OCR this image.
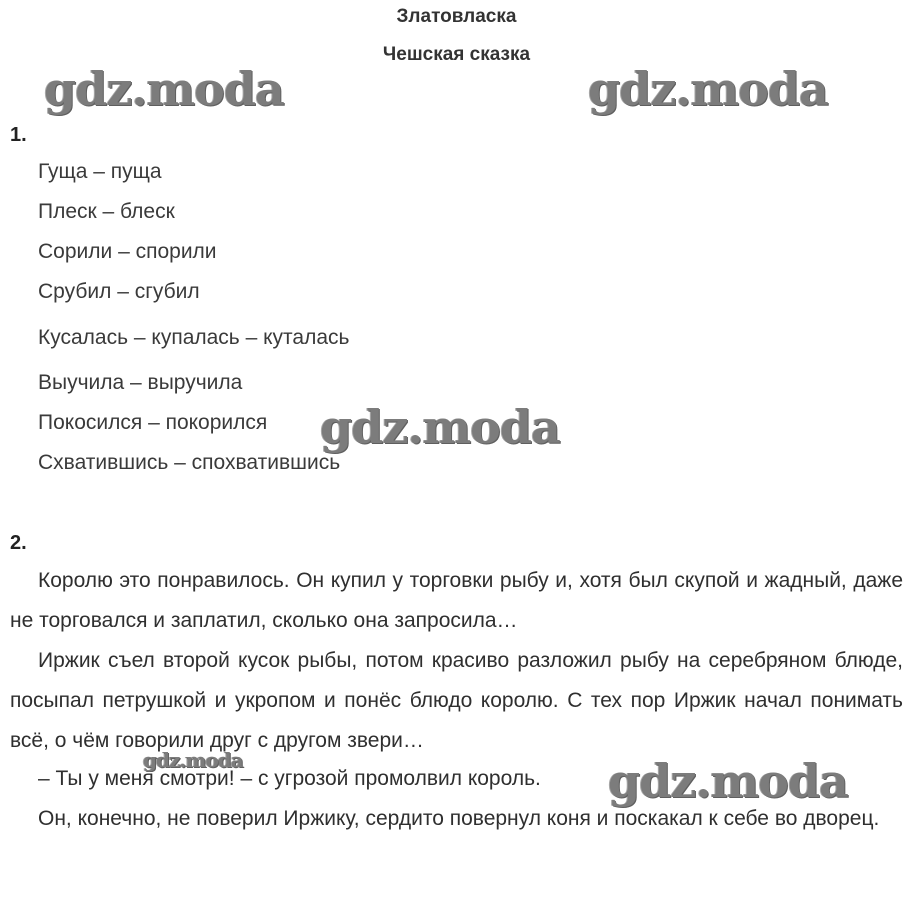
Златовласка
Чешская сказка
1.
Гуща – пуща
Плеск – блеск
Сорили – спорили
Срубил – сгубил
Кусалась – купалась – куталась
Выучила – выручила
Покосился – покорился
Схватившись – спохватившись
2.
Королю это понравилось. Он купил у торговки рыбу и, хотя был скупой и жадный, даже не торговался и заплатил, сколько она запросила…
Иржик съел второй кусок рыбы, потом красиво разложил рыбу на серебряном блюде, посыпал петрушкой и укропом и понёс блюдо королю. С тех пор Иржик начал понимать всё, о чём говорили друг с другом звери…
– Ты у меня смотри! – с угрозой промолвил король.
Он, конечно, не поверил Иржику, сердито повернул коня и поскакал к себе во дворец.
gdz.moda	gdz.moda
gdz.moda
gdz.moda	gdz.moda
